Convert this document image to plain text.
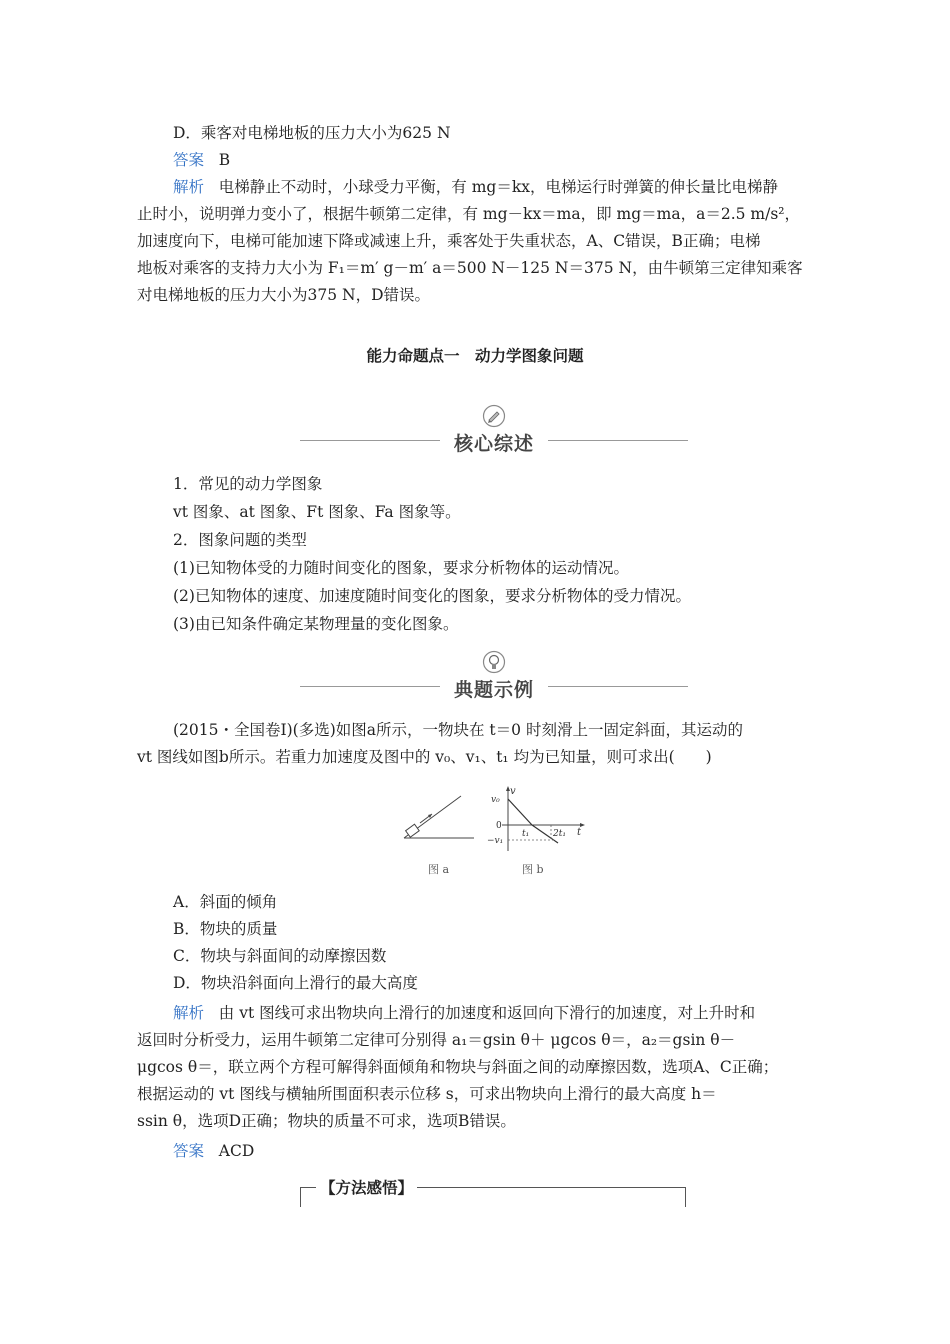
D．乘客对电梯地板的压力大小为625 N
答案 B
解析 电梯静止不动时，小球受力平衡，有 mg＝kx，电梯运行时弹簧的伸长量比电梯静
止时小，说明弹力变小了，根据牛顿第二定律，有 mg－kx＝ma，即 mg＝ma，a＝2.5 m/s²，
加速度向下，电梯可能加速下降或减速上升，乘客处于失重状态，A、C错误，B正确；电梯
地板对乘客的支持力大小为 F₁＝m′ g－m′ a＝500 N－125 N＝375 N，由牛顿第三定律知乘客
对电梯地板的压力大小为375 N，D错误。
能力命题点一　动力学图象问题
核心综述
1．常见的动力学图象
vt 图象、at 图象、Ft 图象、Fa 图象等。
2．图象问题的类型
(1)已知物体受的力随时间变化的图象，要求分析物体的运动情况。
(2)已知物体的速度、加速度随时间变化的图象，要求分析物体的受力情况。
(3)由已知条件确定某物理量的变化图象。
典题示例
(2015・全国卷Ⅰ)(多选)如图a所示，一物块在 t＝0 时刻滑上一固定斜面，其运动的
vt 图线如图b所示。若重力加速度及图中的 v₀、v₁、t₁ 均为已知量，则可求出(　　)
图 a
v
v₀
0
−v₁
t₁	2t₁ t
图 b
A．斜面的倾角
B．物块的质量
C．物块与斜面间的动摩擦因数
D．物块沿斜面向上滑行的最大高度
解析 由 vt 图线可求出物块向上滑行的加速度和返回向下滑行的加速度，对上升时和
返回时分析受力，运用牛顿第二定律可分别得 a₁＝gsin θ＋ μgcos θ＝，a₂＝gsin θ－
μgcos θ＝，联立两个方程可解得斜面倾角和物块与斜面之间的动摩擦因数，选项A、C正确；
根据运动的 vt 图线与横轴所围面积表示位移 s，可求出物块向上滑行的最大高度 h＝
ssin θ，选项D正确；物块的质量不可求，选项B错误。
答案 ACD
【方法感悟】
